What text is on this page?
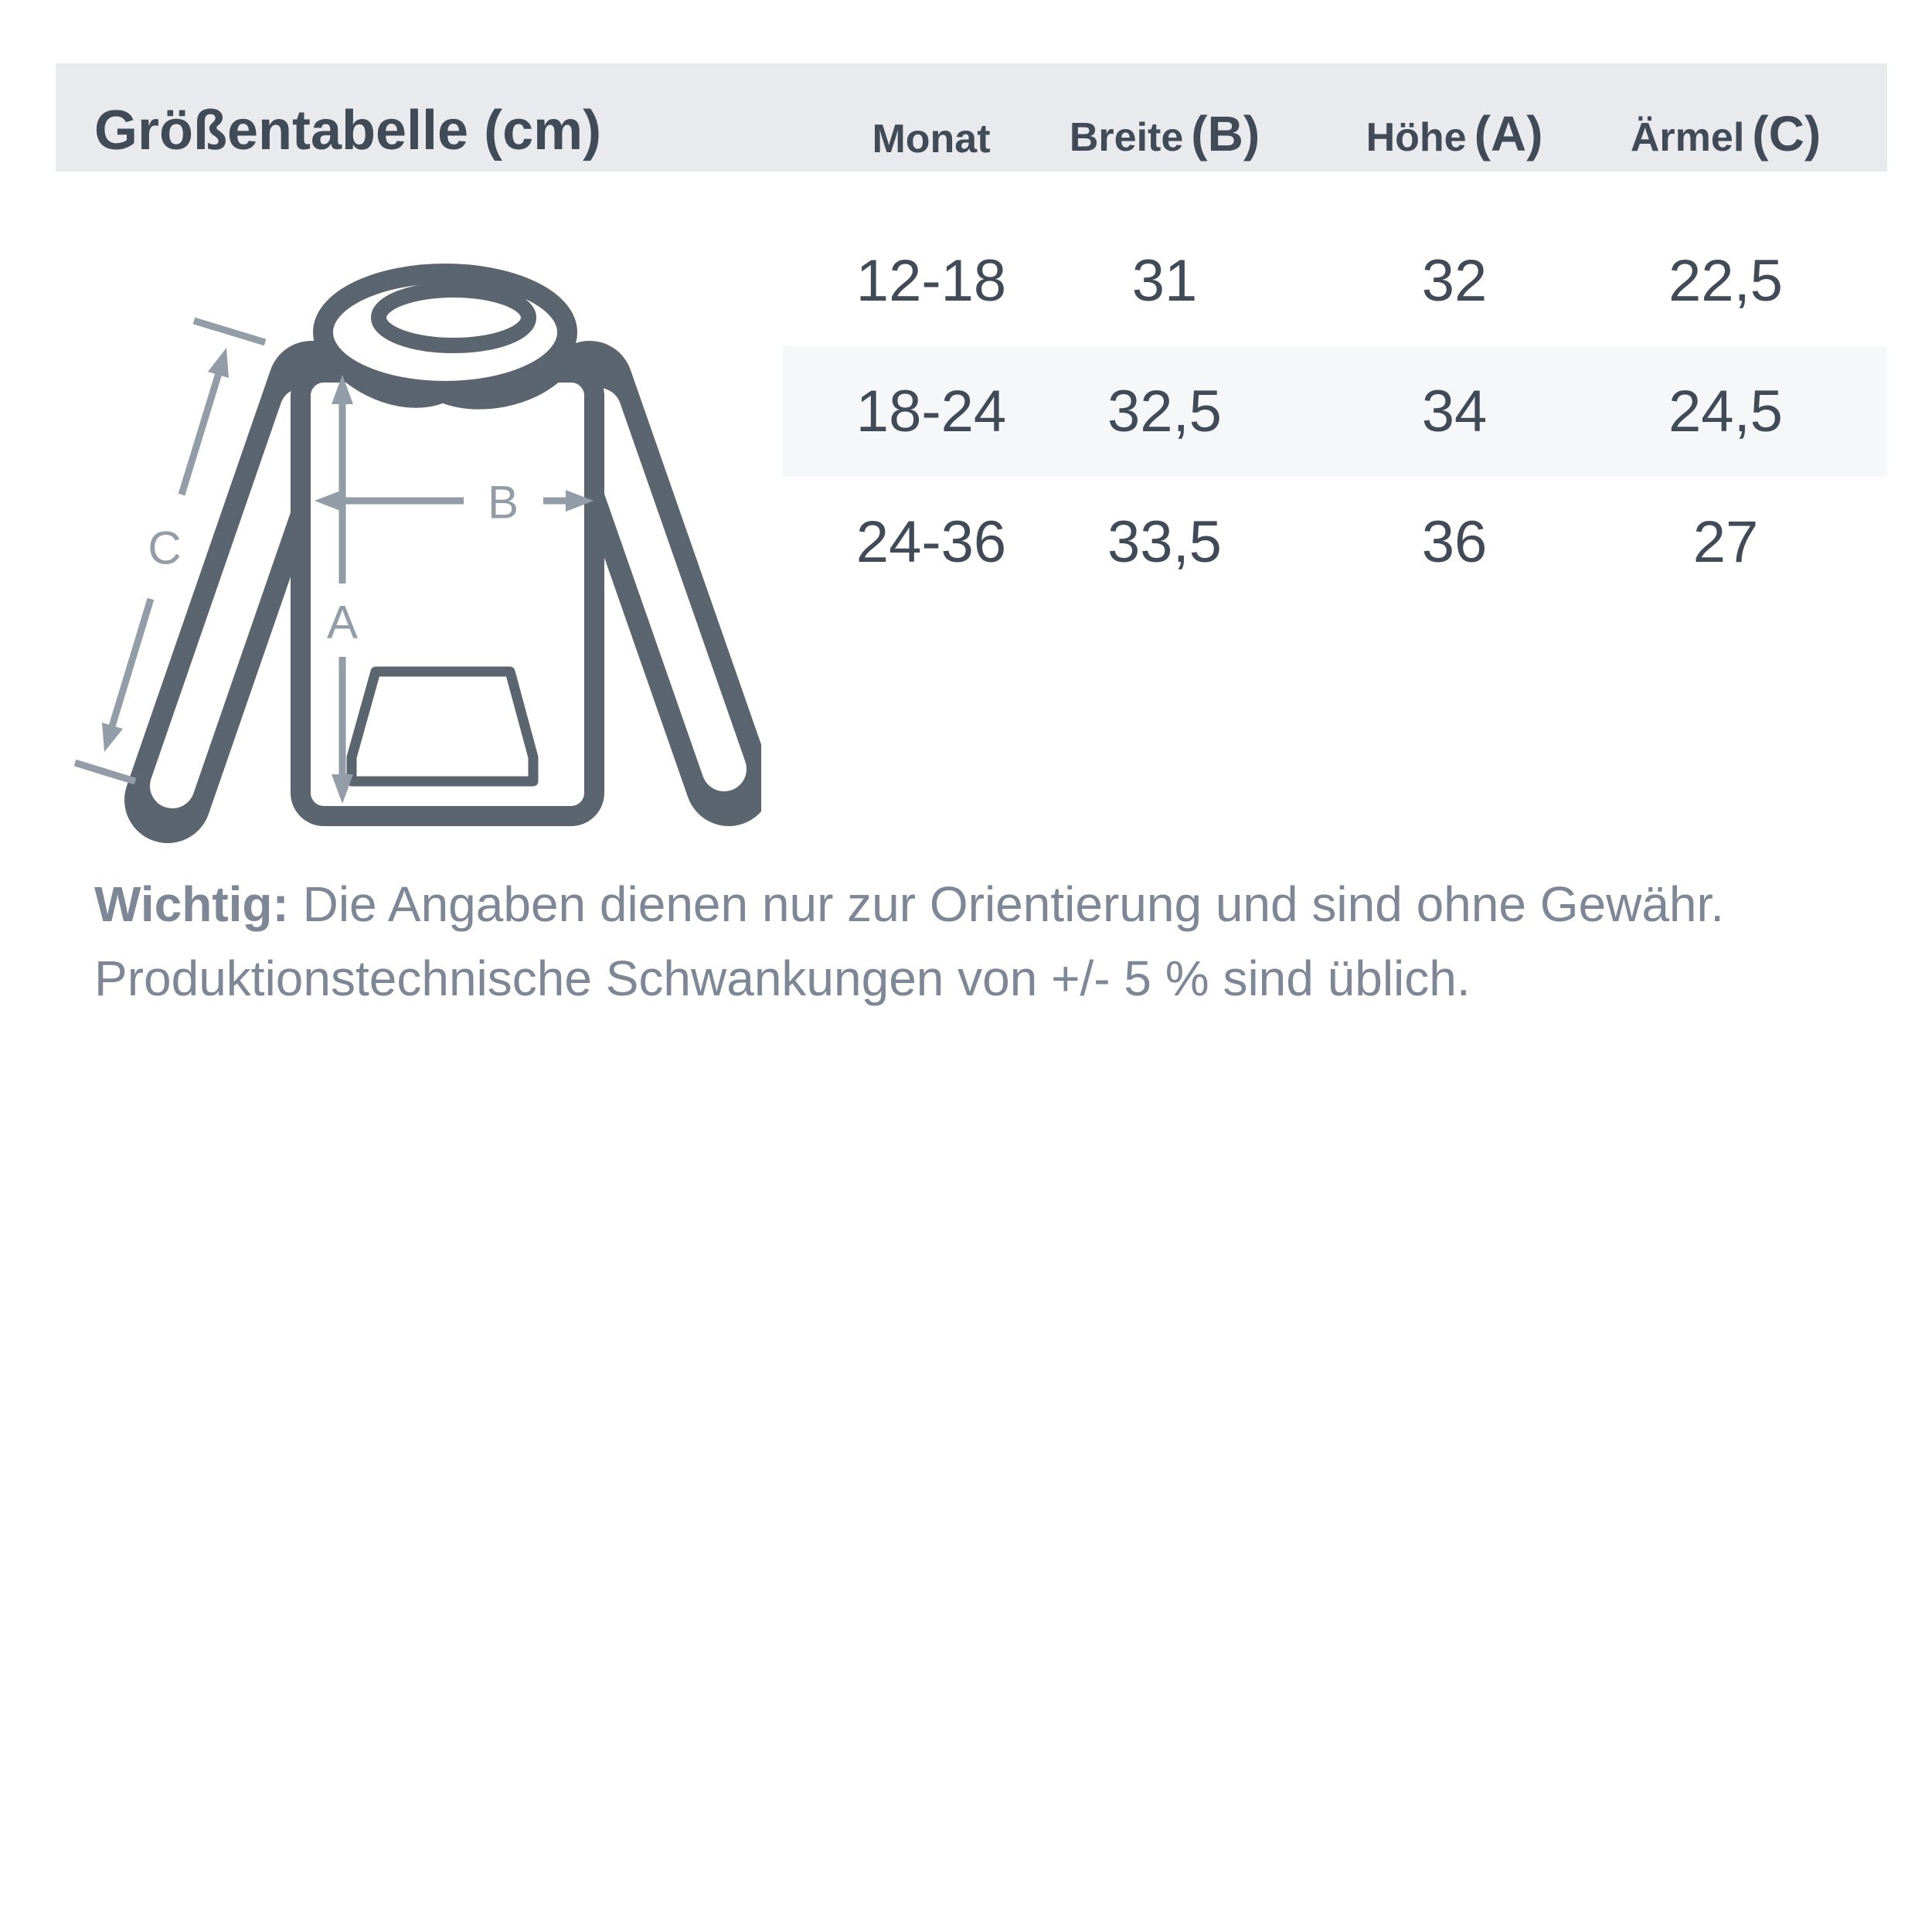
Größentabelle (cm)	Monat	Breite (B)	Höhe (A)	Ärmel (C)
12-18	31	32	22,5
18-24	32,5	34	24,5
24-36	33,5	36	27
A
B
C
Wichtig: Die Angaben dienen nur zur Orientierung und sind ohne Gewähr.
Produktionstechnische Schwankungen von +/- 5 % sind üblich.
